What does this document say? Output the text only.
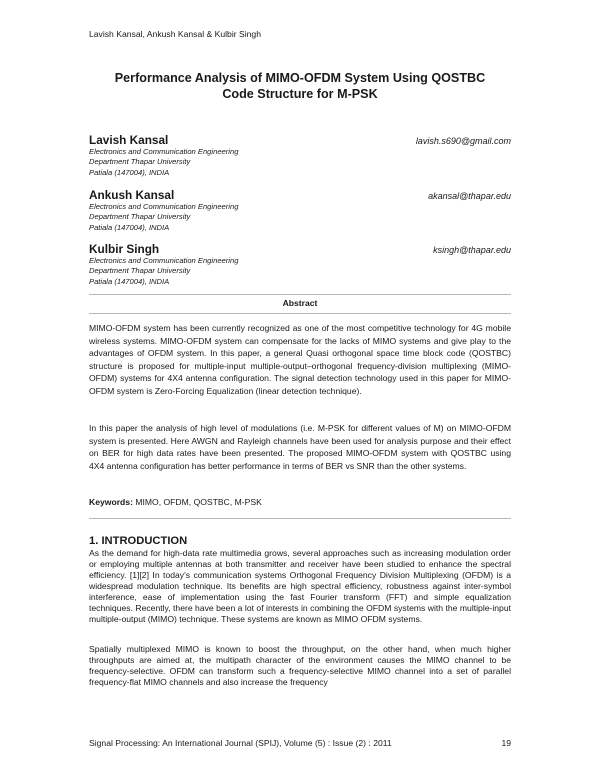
Lavish Kansal, Ankush Kansal & Kulbir Singh
Performance Analysis of MIMO-OFDM System Using QOSTBC
Code Structure for M-PSK
Lavish Kansal	lavish.s690@gmail.com
Electronics and Communication Engineering
Department Thapar University
Patiala (147004), INDIA
Ankush Kansal	akansal@thapar.edu
Electronics and Communication Engineering
Department Thapar University
Patiala (147004), INDIA
Kulbir Singh	ksingh@thapar.edu
Electronics and Communication Engineering
Department Thapar University
Patiala (147004), INDIA
Abstract
MIMO-OFDM system has been currently recognized as one of the most competitive technology for 4G mobile wireless systems. MIMO-OFDM system can compensate for the lacks of MIMO systems and give play to the advantages of OFDM system. In this paper, a general Quasi orthogonal space time block code (QOSTBC) structure is proposed for multiple-input multiple-output–orthogonal frequency-division multiplexing (MIMO-OFDM) systems for 4X4 antenna configuration. The signal detection technology used in this paper for MIMO-OFDM system is Zero-Forcing Equalization (linear detection technique).
In this paper the analysis of high level of modulations (i.e. M-PSK for different values of M) on MIMO-OFDM system is presented. Here AWGN and Rayleigh channels have been used for analysis purpose and their effect on BER for high data rates have been presented. The proposed MIMO-OFDM system with QOSTBC using 4X4 antenna configuration has better performance in terms of BER vs SNR than the other systems.
Keywords: MIMO, OFDM, QOSTBC, M-PSK
1. INTRODUCTION
As the demand for high-data rate multimedia grows, several approaches such as increasing modulation order or employing multiple antennas at both transmitter and receiver have been studied to enhance the spectral efficiency. [1][2] In today's communication systems Orthogonal Frequency Division Multiplexing (OFDM) is a widespread modulation technique. Its benefits are high spectral efficiency, robustness against inter-symbol interference, ease of implementation using the fast Fourier transform (FFT) and simple equalization techniques. Recently, there have been a lot of interests in combining the OFDM systems with the multiple-input multiple-output (MIMO) technique. These systems are known as MIMO OFDM systems.
Spatially multiplexed MIMO is known to boost the throughput, on the other hand, when much higher throughputs are aimed at, the multipath character of the environment causes the MIMO channel to be frequency-selective. OFDM can transform such a frequency-selective MIMO channel into a set of parallel frequency-flat MIMO channels and also increase the frequency
Signal Processing: An International Journal (SPIJ), Volume (5) : Issue (2) : 2011	19
